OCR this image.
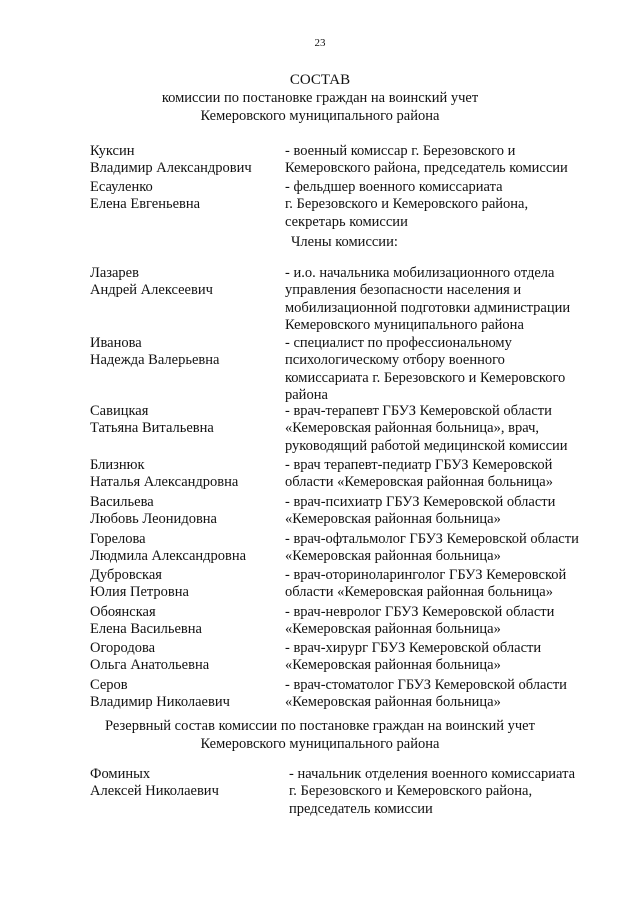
23
СОСТАВ
комиссии по постановке граждан на воинский учет
Кемеровского муниципального района
Члены комиссии:
Куксин
Владимир Александрович
- военный комиссар г. Березовского и
Кемеровского района, председатель комиссии
Есауленко
Елена Евгеньевна
- фельдшер военного комиссариата
г. Березовского и Кемеровского района,
секретарь комиссии
Лазарев
Андрей Алексеевич
- и.о. начальника мобилизационного отдела
управления безопасности населения и
мобилизационной подготовки администрации
Кемеровского муниципального района
Иванова
Надежда Валерьевна
- специалист по профессиональному
психологическому отбору военного
комиссариата г. Березовского и Кемеровского
района
Савицкая
Татьяна Витальевна
- врач-терапевт ГБУЗ Кемеровской области
«Кемеровская районная больница», врач,
руководящий работой медицинской комиссии
Близнюк
Наталья Александровна
- врач терапевт-педиатр ГБУЗ Кемеровской
области «Кемеровская районная больница»
Васильева
Любовь Леонидовна
- врач-психиатр ГБУЗ Кемеровской области
«Кемеровская районная больница»
Горелова
Людмила Александровна
- врач-офтальмолог ГБУЗ Кемеровской области
«Кемеровская районная больница»
Дубровская
Юлия Петровна
- врач-оториноларинголог ГБУЗ Кемеровской
области «Кемеровская районная больница»
Обоянская
Елена Васильевна
- врач-невролог ГБУЗ Кемеровской области
«Кемеровская районная больница»
Огородова
Ольга Анатольевна
- врач-хирург ГБУЗ Кемеровской области
«Кемеровская районная больница»
Серов
Владимир Николаевич
- врач-стоматолог ГБУЗ Кемеровской области
«Кемеровская районная больница»
Фоминых
Алексей Николаевич
- начальник отделения военного комиссариата
г. Березовского и Кемеровского района,
председатель комиссии
Резервный состав комиссии по постановке граждан на воинский учет
Кемеровского муниципального района
